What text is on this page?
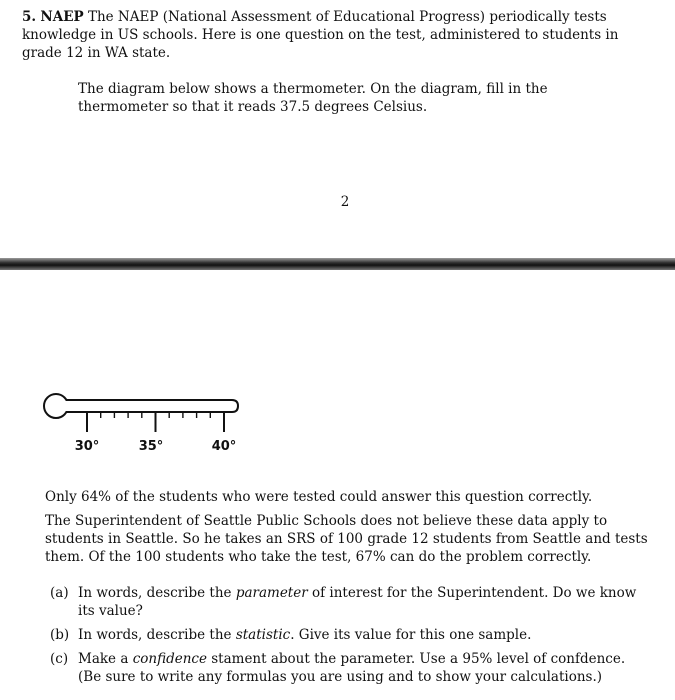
5. NAEP The NAEP (National Assessment of Educational Progress) periodically tests knowledge in US schools. Here is one question on the test, administered to students in grade 12 in WA state.
The diagram below shows a thermometer. On the diagram, fill in the thermometer so that it reads 37.5 degrees Celsius.
2
30°	35°	40°

Only 64% of the students who were tested could answer this question correctly.

The Superintendent of Seattle Public Schools does not believe these data apply to students in Seattle. So he takes an SRS of 100 grade 12 students from Seattle and tests them. Of the 100 students who take the test, 67% can do the problem correctly.

(a) In words, describe the parameter of interest for the Superintendent. Do we know its value?
(b) In words, describe the statistic. Give its value for this one sample.
(c) Make a confidence stament about the parameter. Use a 95% level of confdence. (Be sure to write any formulas you are using and to show your calculations.)
